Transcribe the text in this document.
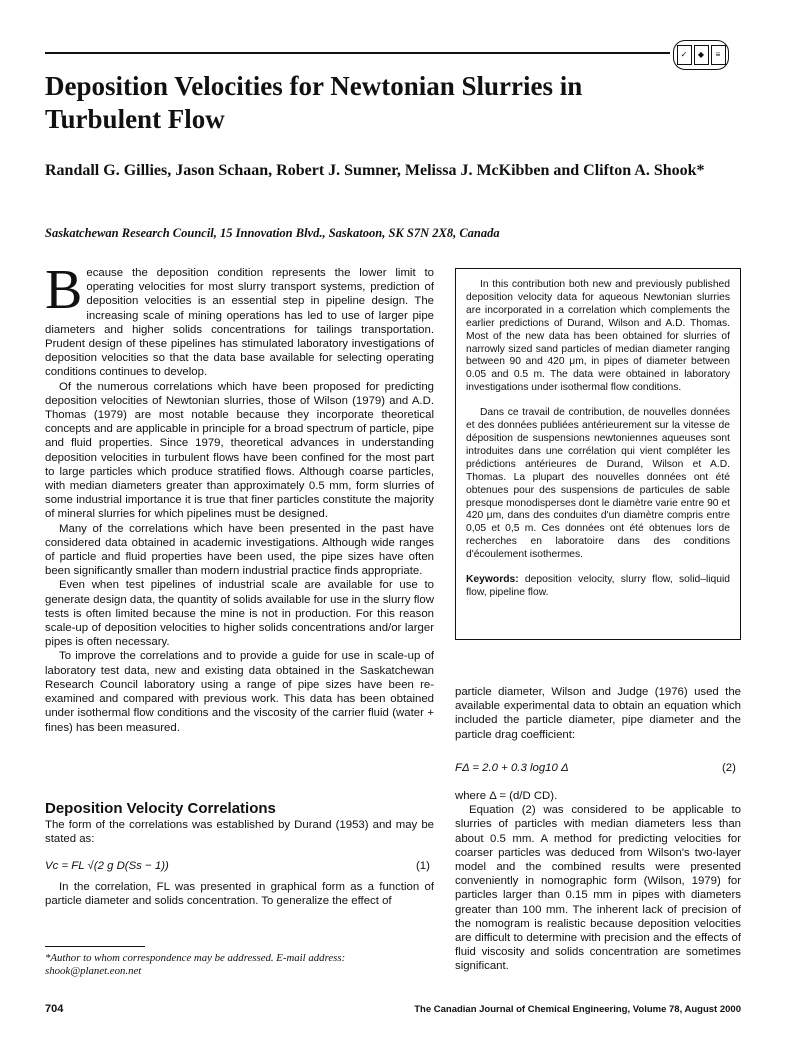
✓	◆	≡
Deposition Velocities for Newtonian Slurries in Turbulent Flow

Randall G. Gillies, Jason Schaan, Robert J. Sumner, Melissa J. McKibben and Clifton A. Shook*

Saskatchewan Research Council, 15 Innovation Blvd., Saskatoon, SK S7N 2X8, Canada

Because the deposition condition represents the lower limit to operating velocities for most slurry transport systems, prediction of deposition velocities is an essential step in pipeline design. The increasing scale of mining operations has led to use of larger pipe diameters and higher solids concentrations for tailings transportation. Prudent design of these pipelines has stimulated laboratory investigations of deposition velocities so that the data base available for selecting operating conditions continues to develop.

Of the numerous correlations which have been proposed for predicting deposition velocities of Newtonian slurries, those of Wilson (1979) and A.D. Thomas (1979) are most notable because they incorporate theoretical concepts and are applicable in principle for a broad spectrum of particle, pipe and fluid properties. Since 1979, theoretical advances in understanding deposition velocities in turbulent flows have been confined for the most part to large particles which produce stratified flows. Although coarse particles, with median diameters greater than approximately 0.5 mm, form slurries of some industrial importance it is true that finer particles constitute the majority of mineral slurries for which pipelines must be designed.

Many of the correlations which have been presented in the past have considered data obtained in academic investigations. Although wide ranges of particle and fluid properties have been used, the pipe sizes have often been significantly smaller than modern industrial practice finds appropriate.

Even when test pipelines of industrial scale are available for use to generate design data, the quantity of solids available for use in the slurry flow tests is often limited because the mine is not in production. For this reason scale-up of deposition velocities to higher solids concentrations and/or larger pipes is often necessary.

To improve the correlations and to provide a guide for use in scale-up of laboratory test data, new and existing data obtained in the Saskatchewan Research Council laboratory using a range of pipe sizes have been re-examined and compared with previous work. This data has been obtained under isothermal flow conditions and the viscosity of the carrier fluid (water + fines) has been measured.

Deposition Velocity Correlations

The form of the correlations was established by Durand (1953) and may be stated as:

Vc = FL √(2 g D(Ss − 1))	(1)

In the correlation, FL was presented in graphical form as a function of particle diameter and solids concentration. To generalize the effect of

*Author to whom correspondence may be addressed. E-mail address: shook@planet.eon.net

In this contribution both new and previously published deposition velocity data for aqueous Newtonian slurries are incorporated in a correlation which complements the earlier predictions of Durand, Wilson and A.D. Thomas. Most of the new data has been obtained for slurries of narrowly sized sand particles of median diameter ranging between 90 and 420 μm, in pipes of diameter between 0.05 and 0.5 m. The data were obtained in laboratory investigations under isothermal flow conditions.

Dans ce travail de contribution, de nouvelles données et des données publiées antérieurement sur la vitesse de déposition de suspensions newtoniennes aqueuses sont introduites dans une corrélation qui vient compléter les prédictions antérieures de Durand, Wilson et A.D. Thomas. La plupart des nouvelles données ont été obtenues pour des suspensions de particules de sable presque monodisperses dont le diamètre varie entre 90 et 420 μm, dans des conduites d'un diamètre compris entre 0,05 et 0,5 m. Ces données ont été obtenues lors de recherches en laboratoire dans des conditions d'écoulement isothermes.

Keywords: deposition velocity, slurry flow, solid–liquid flow, pipeline flow.

particle diameter, Wilson and Judge (1976) used the available experimental data to obtain an equation which included the particle diameter, pipe diameter and the particle drag coefficient:

FΔ = 2.0 + 0.3 log10 Δ	(2)

where Δ = (d/D CD).

Equation (2) was considered to be applicable to slurries of particles with median diameters less than about 0.5 mm. A method for predicting velocities for coarser particles was deduced from Wilson's two-layer model and the combined results were presented conveniently in nomographic form (Wilson, 1979) for particles larger than 0.15 mm in pipes with diameters greater than 100 mm. The inherent lack of precision of the nomogram is realistic because deposition velocities are difficult to determine with precision and the effects of fluid viscosity and solids concentration are sometimes significant.

704	The Canadian Journal of Chemical Engineering, Volume 78, August 2000
